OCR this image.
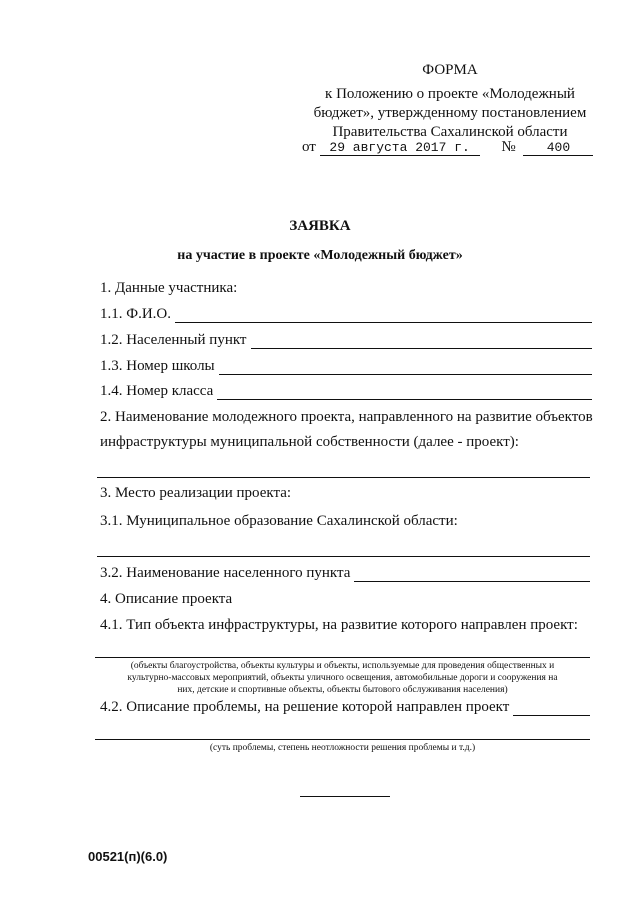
ФОРМА
к Положению о проекте «Молодежный
бюджет», утвержденному постановлением
Правительства Сахалинской области
от 29 августа 2017 г. № 400
ЗАЯВКА
на участие в проекте «Молодежный бюджет»
1. Данные участника:
1.1. Ф.И.О.
1.2. Населенный пункт
1.3. Номер школы
1.4. Номер класса
2. Наименование молодежного проекта, направленного на развитие объектов
инфраструктуры муниципальной собственности (далее - проект):
3. Место реализации проекта:
3.1. Муниципальное образование Сахалинской области:
3.2. Наименование населенного пункта
4. Описание проекта
4.1. Тип объекта инфраструктуры, на развитие которого направлен проект:
(объекты благоустройства, объекты культуры и объекты, используемые для проведения общественных и
культурно-массовых мероприятий, объекты уличного освещения, автомобильные дороги и сооружения на
них, детские и спортивные объекты, объекты бытового обслуживания населения)
4.2. Описание проблемы, на решение которой направлен проект
(суть проблемы, степень неотложности решения проблемы и т.д.)
00521(п)(6.0)
